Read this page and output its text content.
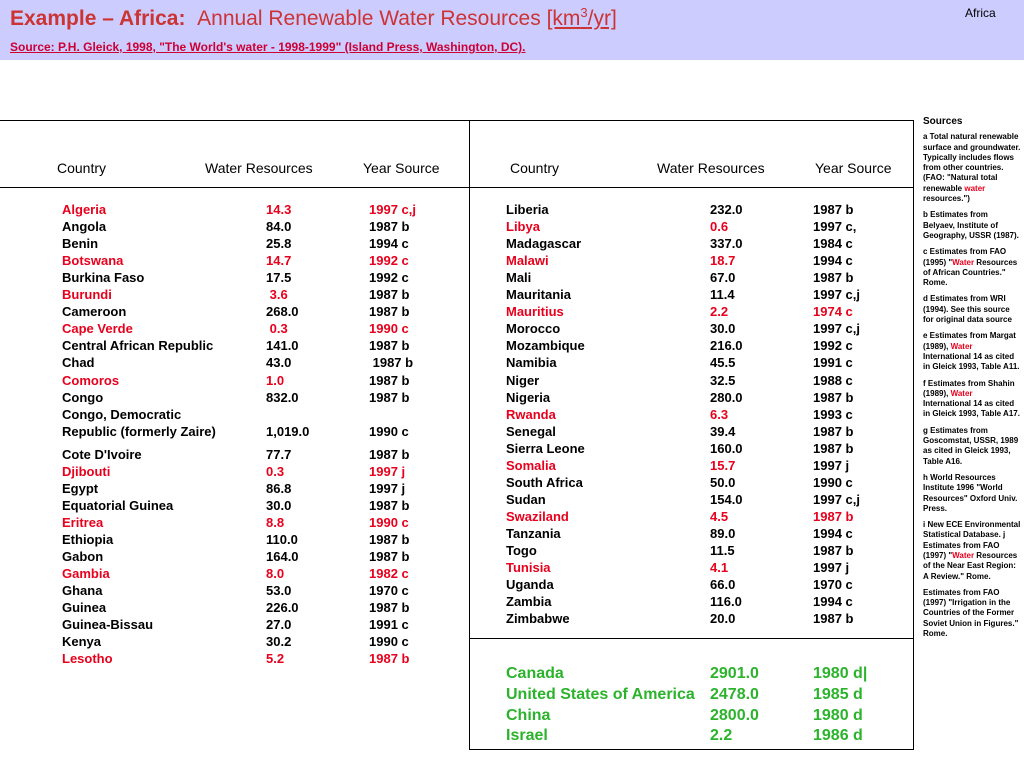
Example – Africa: Annual Renewable Water Resources $[km^3/yr]$
Source: P.H. Gleick, 1998, "The World's water - 1998-1999" (Island Press, Washington, DC).
Africa
Country	Water Resources	Year Source	Country	Water Resources	Year Source
Algeria	14.3	1997 c,j
Angola	84.0	1987 b
Benin	25.8	1994 c
Botswana	14.7	1992 c
Burkina Faso	17.5	1992 c
Burundi	3.6	1987 b
Cameroon	268.0	1987 b
Cape Verde	0.3	1990 c
Central African Republic	141.0	1987 b
Chad	43.0	1987 b
Comoros	1.0	1987 b
Congo	832.0	1987 b
Congo, Democratic
Republic (formerly Zaire)	1,019.0	1990 c
Cote D'Ivoire	77.7	1987 b
Djibouti	0.3	1997 j
Egypt	86.8	1997 j
Equatorial Guinea	30.0	1987 b
Eritrea	8.8	1990 c
Ethiopia	110.0	1987 b
Gabon	164.0	1987 b
Gambia	8.0	1982 c
Ghana	53.0	1970 c
Guinea	226.0	1987 b
Guinea-Bissau	27.0	1991 c
Kenya	30.2	1990 c
Lesotho	5.2	1987 b
Liberia	232.0	1987 b
Libya	0.6	1997 c,
Madagascar	337.0	1984 c
Malawi	18.7	1994 c
Mali	67.0	1987 b
Mauritania	11.4	1997 c,j
Mauritius	2.2	1974 c
Morocco	30.0	1997 c,j
Mozambique	216.0	1992 c
Namibia	45.5	1991 c
Niger	32.5	1988 c
Nigeria	280.0	1987 b
Rwanda	6.3	1993 c
Senegal	39.4	1987 b
Sierra Leone	160.0	1987 b
Somalia	15.7	1997 j
South Africa	50.0	1990 c
Sudan	154.0	1997 c,j
Swaziland	4.5	1987 b
Tanzania	89.0	1994 c
Togo	11.5	1987 b
Tunisia	4.1	1997 j
Uganda	66.0	1970 c
Zambia	116.0	1994 c
Zimbabwe	20.0	1987 b
Canada	2901.0	1980 d|
United States of America 2478.0	1985 d
China	2800.0	1980 d
Israel	2.2	1986 d
Sources

a Total natural renewable surface and groundwater. Typically includes flows from other countries. (FAO: "Natural total renewable water resources.")

b Estimates from Belyaev, Institute of Geography, USSR (1987).

c Estimates from FAO (1995) "Water Resources of African Countries." Rome.

d Estimates from WRI (1994). See this source for original data source

e Estimates from Margat (1989), Water International 14 as cited in Gleick 1993, Table A11.

f Estimates from Shahin (1989), Water International 14 as cited in Gleick 1993, Table A17.

g Estimates from Goscomstat, USSR, 1989 as cited in Gleick 1993, Table A16.

h World Resources Institute 1996 "World Resources" Oxford Univ. Press.

i New ECE Environmental Statistical Database. j Estimates from FAO (1997) "Water Resources of the Near East Region: A Review." Rome.

Estimates from FAO (1997) "Irrigation in the Countries of the Former Soviet Union in Figures." Rome.
